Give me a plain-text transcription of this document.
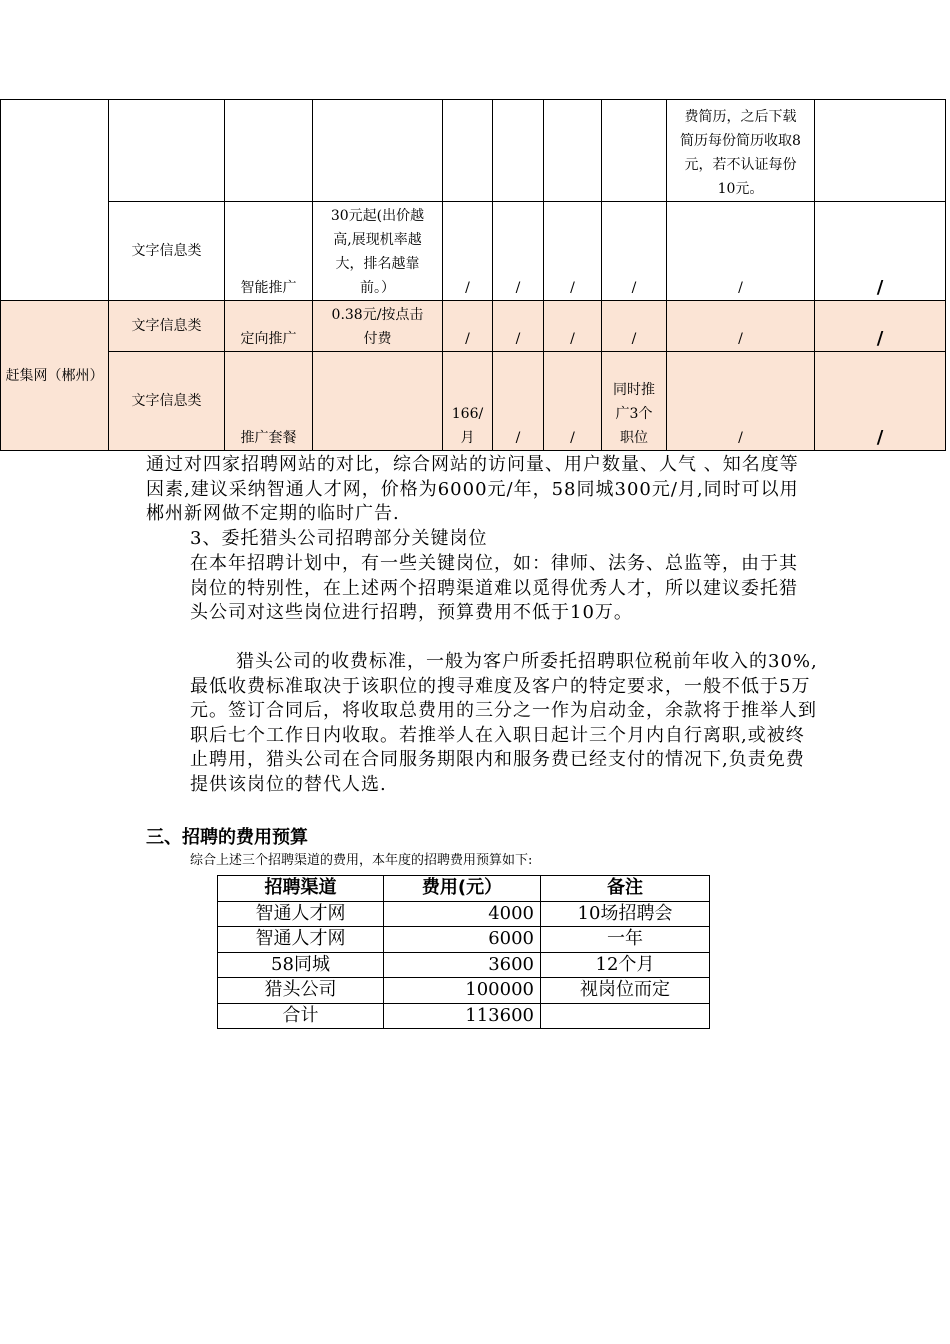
								费简历，之后下载简历每份简历收取8元，若不认证每份10元。	
	文字信息类	智能推广	30元起(出价越高,展现机率越大，排名越靠前。）	/	/	/	/	/	/
赶集网（郴州）	文字信息类	定向推广	0.38元/按点击付费	/	/	/	/	/	/
	文字信息类	推广套餐		166/月	/	/	同时推广3个职位	/	/

通过对四家招聘网站的对比，综合网站的访问量、用户数量、人气 、知名度等因素,建议采纳智通人才网，价格为6000元/年，58同城300元/月,同时可以用郴州新网做不定期的临时广告.

3、委托猎头公司招聘部分关键岗位

在本年招聘计划中，有一些关键岗位，如：律师、法务、总监等，由于其岗位的特别性，在上述两个招聘渠道难以觅得优秀人才，所以建议委托猎头公司对这些岗位进行招聘，预算费用不低于10万。

猎头公司的收费标准，一般为客户所委托招聘职位税前年收入的30%,最低收费标准取决于该职位的搜寻难度及客户的特定要求，一般不低于5万元。签订合同后，将收取总费用的三分之一作为启动金，余款将于推举人到职后七个工作日内收取。若推举人在入职日起计三个月内自行离职,或被终止聘用，猎头公司在合同服务期限内和服务费已经支付的情况下,负责免费提供该岗位的替代人选.

三、招聘的费用预算

综合上述三个招聘渠道的费用，本年度的招聘费用预算如下:

招聘渠道	费用(元）	备注
智通人才网	4000	10场招聘会
智通人才网	6000	一年
58同城	3600	12个月
猎头公司	100000	视岗位而定
合计	113600	
